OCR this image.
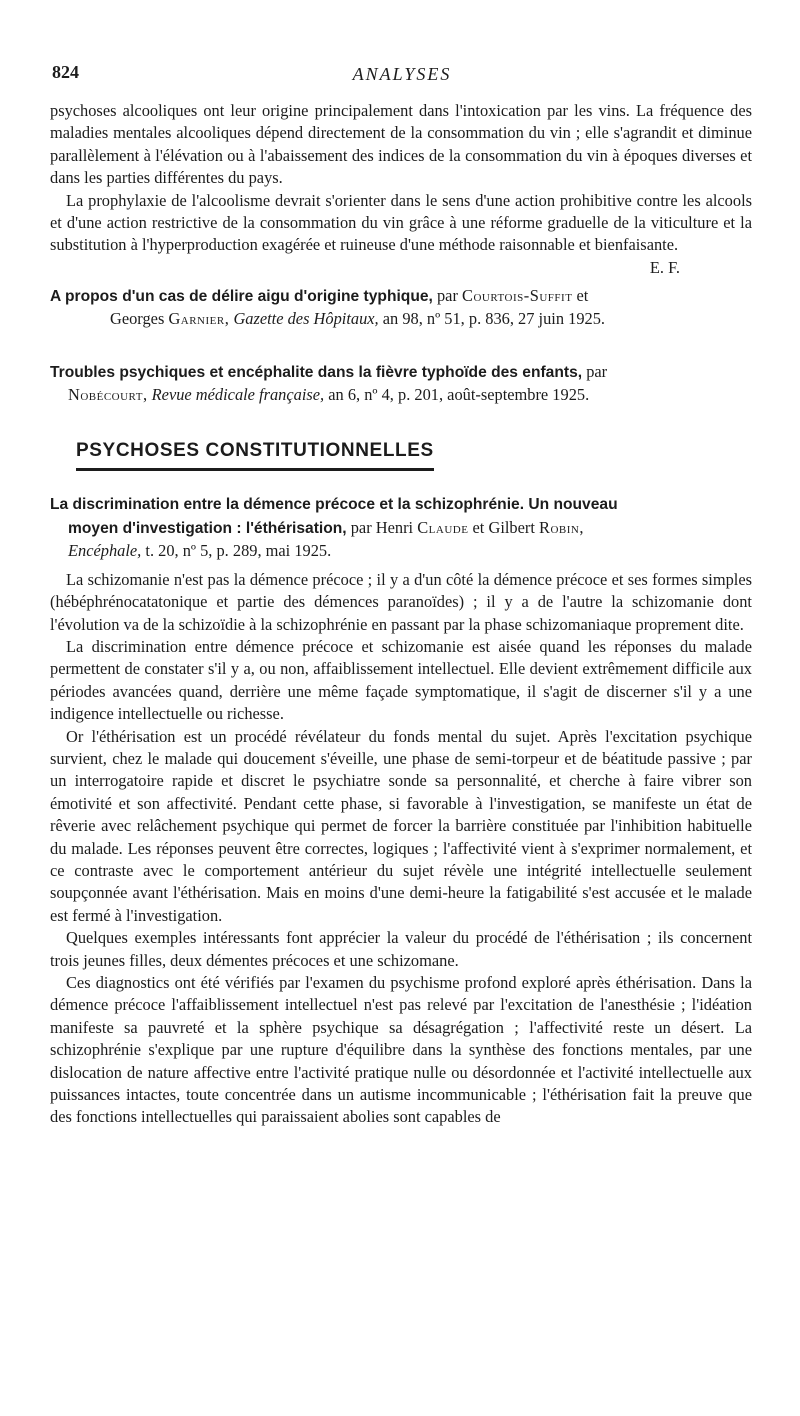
824	ANALYSES

psychoses alcooliques ont leur origine principalement dans l'intoxication par les vins. La fréquence des maladies mentales alcooliques dépend directement de la consommation du vin ; elle s'agrandit et diminue parallèlement à l'élévation ou à l'abaissement des indices de la consommation du vin à époques diverses et dans les parties différentes du pays.

La prophylaxie de l'alcoolisme devrait s'orienter dans le sens d'une action prohibitive contre les alcools et d'une action restrictive de la consommation du vin grâce à une réforme graduelle de la viticulture et la substitution à l'hyperproduction exagérée et ruineuse d'une méthode raisonnable et bienfaisante.
E. F.

A propos d'un cas de délire aigu d'origine typhique, par Courtois-Suffit et

Georges Garnier, Gazette des Hôpitaux, an 98, nº 51, p. 836, 27 juin 1925.

Troubles psychiques et encéphalite dans la fièvre typhoïde des enfants, par

Nobécourt, Revue médicale française, an 6, nº 4, p. 201, août-septembre 1925.

PSYCHOSES CONSTITUTIONNELLES

La discrimination entre la démence précoce et la schizophrénie. Un nouveau

moyen d'investigation : l'éthérisation, par Henri Claude et Gilbert Robin,

Encéphale, t. 20, nº 5, p. 289, mai 1925.

La schizomanie n'est pas la démence précoce ; il y a d'un côté la démence précoce et ses formes simples (hébéphrénocatatonique et partie des démences paranoïdes) ; il y a de l'autre la schizomanie dont l'évolution va de la schizoïdie à la schizophrénie en passant par la phase schizomaniaque proprement dite.

La discrimination entre démence précoce et schizomanie est aisée quand les réponses du malade permettent de constater s'il y a, ou non, affaiblissement intellectuel. Elle devient extrêmement difficile aux périodes avancées quand, derrière une même façade symptomatique, il s'agit de discerner s'il y a une indigence intellectuelle ou richesse.

Or l'éthérisation est un procédé révélateur du fonds mental du sujet. Après l'excitation psychique survient, chez le malade qui doucement s'éveille, une phase de semi-torpeur et de béatitude passive ; par un interrogatoire rapide et discret le psychiatre sonde sa personnalité, et cherche à faire vibrer son émotivité et son affectivité. Pendant cette phase, si favorable à l'investigation, se manifeste un état de rêverie avec relâchement psychique qui permet de forcer la barrière constituée par l'inhibition habituelle du malade. Les réponses peuvent être correctes, logiques ; l'affectivité vient à s'exprimer normalement, et ce contraste avec le comportement antérieur du sujet révèle une intégrité intellectuelle seulement soupçonnée avant l'éthérisation. Mais en moins d'une demi-heure la fatigabilité s'est accusée et le malade est fermé à l'investigation.

Quelques exemples intéressants font apprécier la valeur du procédé de l'éthérisation ; ils concernent trois jeunes filles, deux démentes précoces et une schizomane.

Ces diagnostics ont été vérifiés par l'examen du psychisme profond exploré après éthérisation. Dans la démence précoce l'affaiblissement intellectuel n'est pas relevé par l'excitation de l'anesthésie ; l'idéation manifeste sa pauvreté et la sphère psychique sa désagrégation ; l'affectivité reste un désert. La schizophrénie s'explique par une rupture d'équilibre dans la synthèse des fonctions mentales, par une dislocation de nature affective entre l'activité pratique nulle ou désordonnée et l'activité intellectuelle aux puissances intactes, toute concentrée dans un autisme incommunicable ; l'éthérisation fait la preuve que des fonctions intellectuelles qui paraissaient abolies sont capables de
